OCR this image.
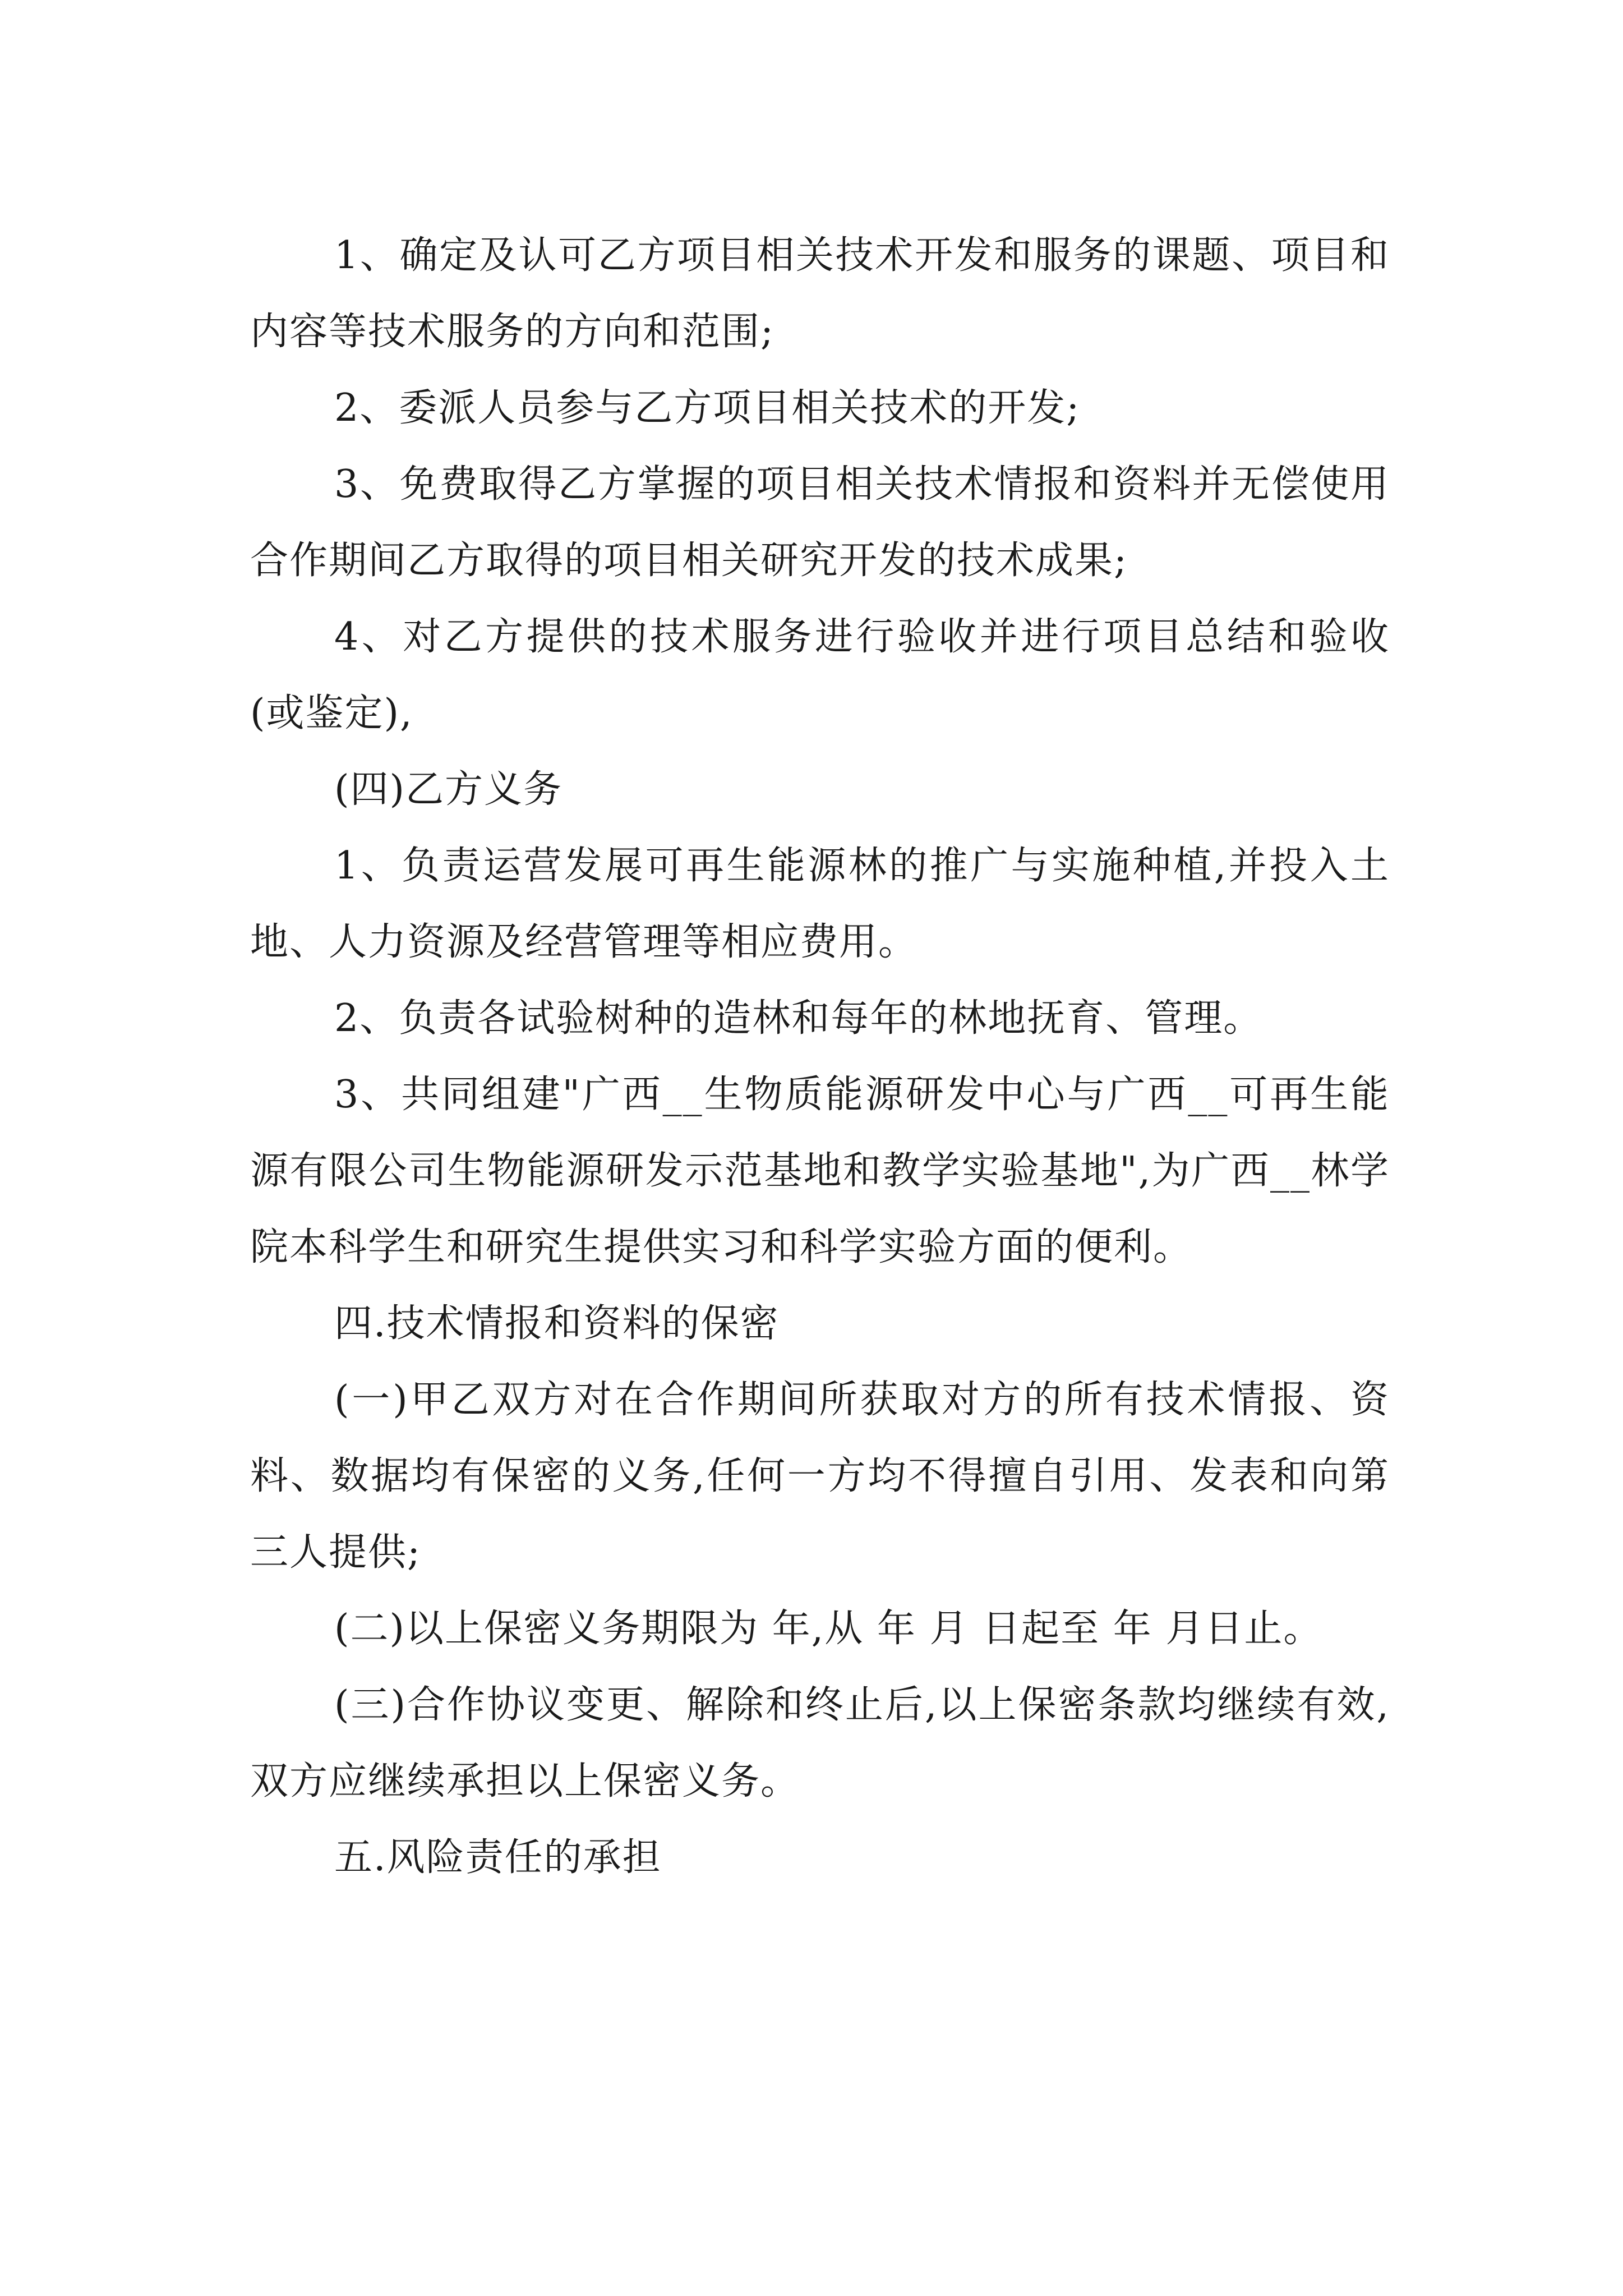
1、确定及认可乙方项目相关技术开发和服务的课题、项目和内容等技术服务的方向和范围;

2、委派人员参与乙方项目相关技术的开发;

3、免费取得乙方掌握的项目相关技术情报和资料并无偿使用合作期间乙方取得的项目相关研究开发的技术成果;

4、对乙方提供的技术服务进行验收并进行项目总结和验收(或鉴定),

(四)乙方义务

1、负责运营发展可再生能源林的推广与实施种植,并投入土地、人力资源及经营管理等相应费用。

2、负责各试验树种的造林和每年的林地抚育、管理。

3、共同组建"广西__生物质能源研发中心与广西__可再生能源有限公司生物能源研发示范基地和教学实验基地",为广西__林学院本科学生和研究生提供实习和科学实验方面的便利。

四.技术情报和资料的保密

(一)甲乙双方对在合作期间所获取对方的所有技术情报、资料、数据均有保密的义务,任何一方均不得擅自引用、发表和向第三人提供;

(二)以上保密义务期限为 年,从 年 月 日起至 年 月日止。

(三)合作协议变更、解除和终止后,以上保密条款均继续有效,双方应继续承担以上保密义务。

五.风险责任的承担
